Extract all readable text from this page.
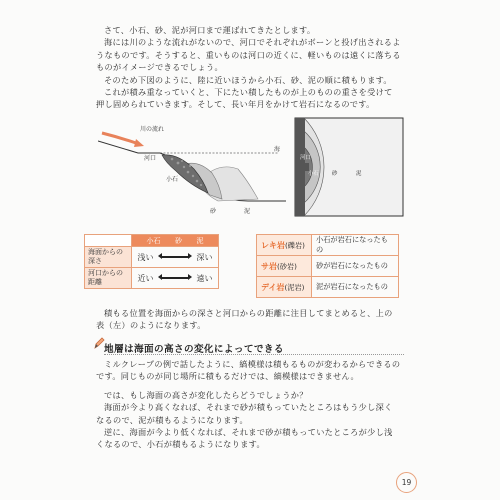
さて、小石、砂、泥が河口まで運ばれてきたとします。

海には川のような流れがないので、河口でそれぞれがボーンと投げ出されるようなものです。そうすると、重いものは河口の近くに、軽いものは遠くに落ちるものがイメージできるでしょう。

そのため下図のように、陸に近いほうから小石、砂、泥の順に積もります。

これが積み重なっていくと、下にたい積したものが上のものの重さを受けて押し固められていきます。そして、長い年月をかけて岩石になるのです。

川の流れ
河口
海
小石
砂	泥
河口
小石 砂	泥
	小石 砂 泥
海面からの深さ	浅い 深い
河口からの距離	近い 遠い
レキ岩(礫岩)	小石が岩石になったもの
サ岩(砂岩)	砂が岩石になったもの
デイ岩(泥岩)	泥が岩石になったもの

積もる位置を海面からの深さと河口からの距離に注目してまとめると、上の表（左）のようになります。

地層は海面の高さの変化によってできる

ミルクレープの例で話したように、縞模様は積もるものが変わるからできるのです。同じものが同じ場所に積もるだけでは、縞模様はできません。

では、もし海面の高さが変化したらどうでしょうか？

海面が今より高くなれば、それまで砂が積もっていたところはもう少し深くなるので、泥が積もるようになります。

逆に、海面が今より低くなれば、それまで砂が積もっていたところが少し浅くなるので、小石が積もるようになります。

19
